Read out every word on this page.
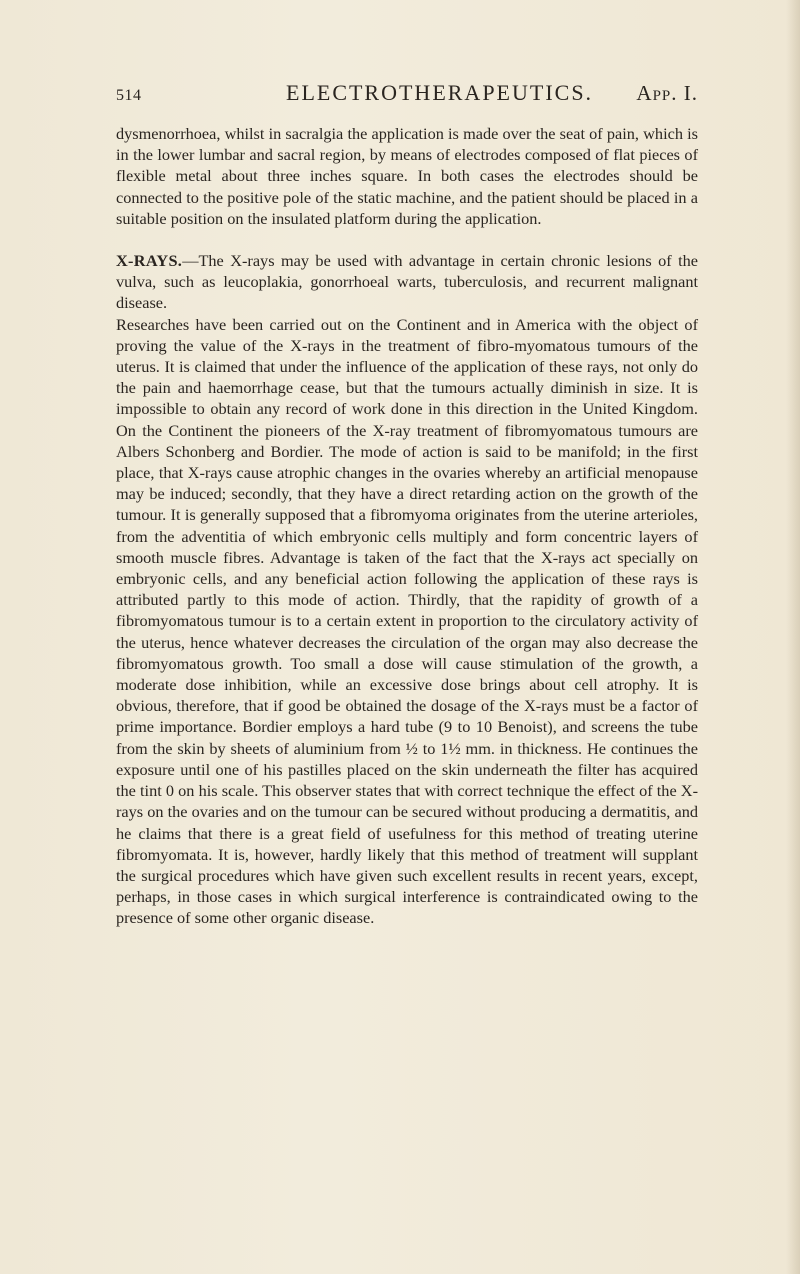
514	ELECTROTHERAPEUTICS. App. I.

dysmenorrhoea, whilst in sacralgia the application is made over the seat of pain, which is in the lower lumbar and sacral region, by means of electrodes composed of flat pieces of flexible metal about three inches square. In both cases the electrodes should be connected to the positive pole of the static machine, and the patient should be placed in a suitable position on the insulated platform during the application.

X-RAYS.—The X-rays may be used with advantage in certain chronic lesions of the vulva, such as leucoplakia, gonorrhoeal warts, tuberculosis, and recurrent malignant disease.

Researches have been carried out on the Continent and in America with the object of proving the value of the X-rays in the treatment of fibro-myomatous tumours of the uterus. It is claimed that under the influence of the application of these rays, not only do the pain and haemorrhage cease, but that the tumours actually diminish in size. It is impossible to obtain any record of work done in this direction in the United Kingdom. On the Continent the pioneers of the X-ray treatment of fibromyomatous tumours are Albers Schonberg and Bordier. The mode of action is said to be manifold; in the first place, that X-rays cause atrophic changes in the ovaries whereby an artificial menopause may be induced; secondly, that they have a direct retarding action on the growth of the tumour. It is generally supposed that a fibromyoma originates from the uterine arterioles, from the adventitia of which embryonic cells multiply and form concentric layers of smooth muscle fibres. Advantage is taken of the fact that the X-rays act specially on embryonic cells, and any beneficial action following the application of these rays is attributed partly to this mode of action. Thirdly, that the rapidity of growth of a fibromyomatous tumour is to a certain extent in proportion to the circulatory activity of the uterus, hence whatever decreases the circulation of the organ may also decrease the fibromyomatous growth. Too small a dose will cause stimulation of the growth, a moderate dose inhibition, while an excessive dose brings about cell atrophy. It is obvious, therefore, that if good be obtained the dosage of the X-rays must be a factor of prime importance. Bordier employs a hard tube (9 to 10 Benoist), and screens the tube from the skin by sheets of aluminium from ½ to 1½ mm. in thickness. He continues the exposure until one of his pastilles placed on the skin underneath the filter has acquired the tint 0 on his scale. This observer states that with correct technique the effect of the X-rays on the ovaries and on the tumour can be secured without producing a dermatitis, and he claims that there is a great field of usefulness for this method of treating uterine fibromyomata. It is, however, hardly likely that this method of treatment will supplant the surgical procedures which have given such excellent results in recent years, except, perhaps, in those cases in which surgical interference is contraindicated owing to the presence of some other organic disease.
